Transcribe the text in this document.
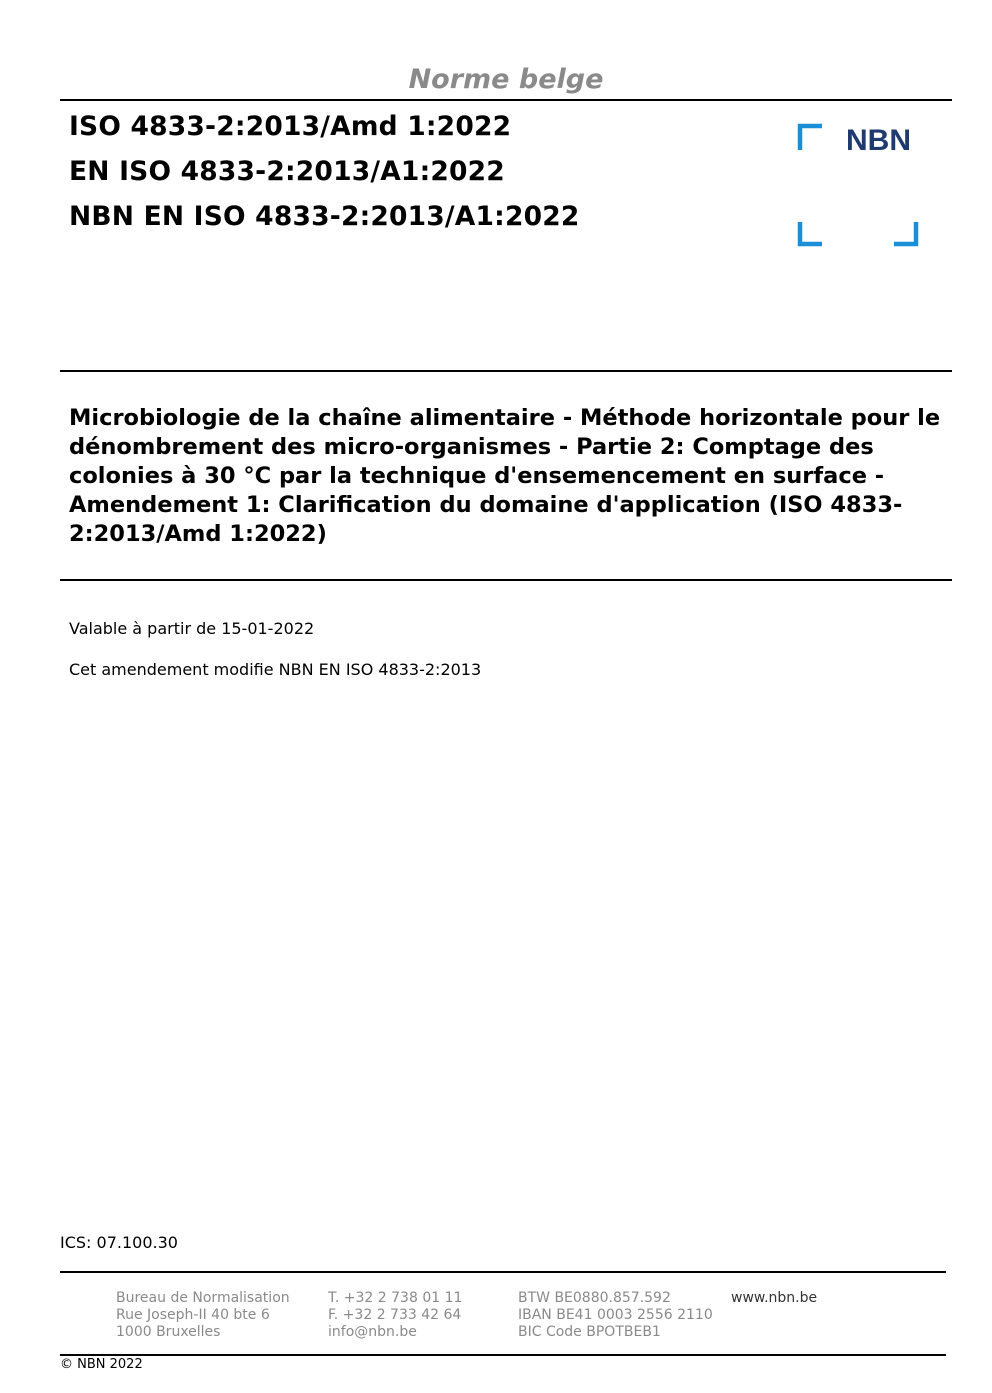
Norme belge
ISO 4833-2:2013/Amd 1:2022
EN ISO 4833-2:2013/A1:2022
NBN EN ISO 4833-2:2013/A1:2022
NBN
Microbiologie de la chaîne alimentaire - Méthode horizontale pour le dénombrement des micro-organismes - Partie 2: Comptage des colonies à 30 °C par la technique d'ensemencement en surface - Amendement 1: Clarification du domaine d'application (ISO 4833-2:2013/Amd 1:2022)
Valable à partir de 15-01-2022
Cet amendement modifie NBN EN ISO 4833-2:2013
ICS: 07.100.30
Bureau de Normalisation
Rue Joseph-II 40 bte 6
1000 Bruxelles
T. +32 2 738 01 11
F. +32 2 733 42 64
info@nbn.be
BTW BE0880.857.592
IBAN BE41 0003 2556 2110
BIC Code BPOTBEB1
www.nbn.be
© NBN 2022
